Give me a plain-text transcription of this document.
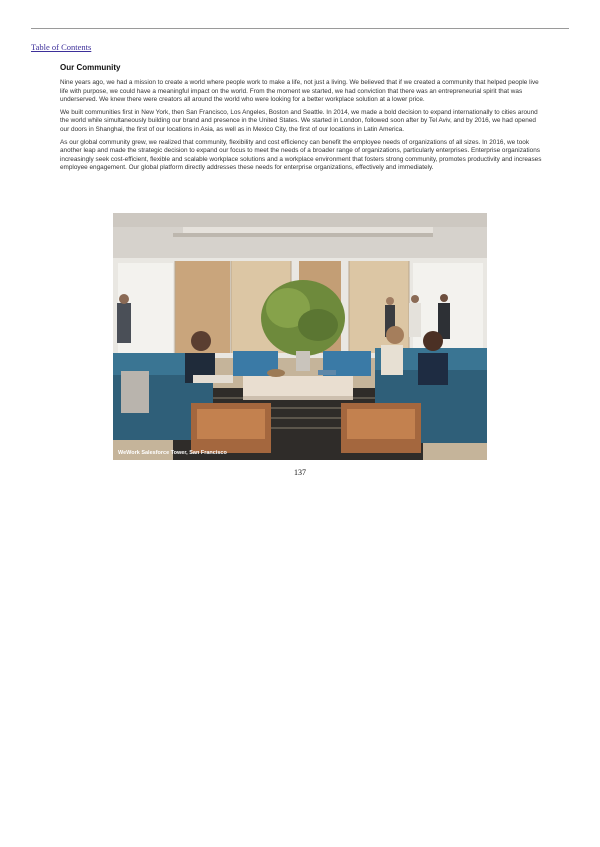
Table of Contents
Our Community

Nine years ago, we had a mission to create a world where people work to make a life, not just a living. We believed that if we created a community that helped people live life with purpose, we could have a meaningful impact on the world. From the moment we started, we had conviction that there was an entrepreneurial spirit that was underserved. We knew there were creators all around the world who were looking for a better workplace solution at a lower price.

We built communities first in New York, then San Francisco, Los Angeles, Boston and Seattle. In 2014, we made a bold decision to expand internationally to cities around the world while simultaneously building our brand and presence in the United States. We started in London, followed soon after by Tel Aviv, and by 2016, we had opened our doors in Shanghai, the first of our locations in Asia, as well as in Mexico City, the first of our locations in Latin America.

As our global community grew, we realized that community, flexibility and cost efficiency can benefit the employee needs of organizations of all sizes. In 2016, we took another leap and made the strategic decision to expand our focus to meet the needs of a broader range of organizations, particularly enterprises. Enterprise organizations increasingly seek cost-efficient, flexible and scalable workplace solutions and a workplace environment that fosters strong community, promotes productivity and increases employee engagement. Our global platform directly addresses these needs for enterprise organizations, effectively and immediately.

WeWork Salesforce Tower, San Francisco
137
